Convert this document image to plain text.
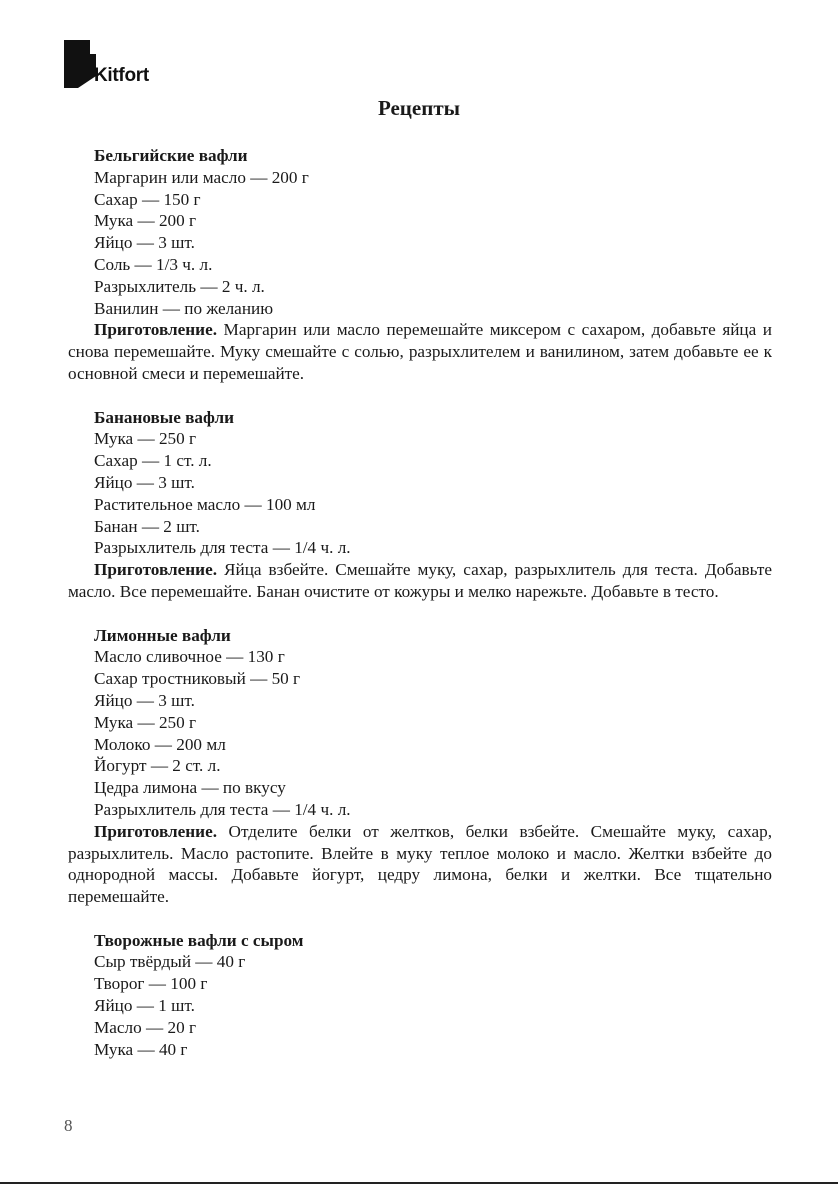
Kitfort
Рецепты
Бельгийские вафли
Маргарин или масло — 200 г
Сахар — 150 г
Мука — 200 г
Яйцо — 3 шт.
Соль — 1/3 ч. л.
Разрыхлитель — 2 ч. л.
Ванилин — по желанию

Приготовление. Маргарин или масло перемешайте миксером с сахаром, добавьте яйца и снова перемешайте. Муку смешайте с солью, разрыхлителем и ванилином, затем добавьте ее к основной смеси и перемешайте.

Банановые вафли
Мука — 250 г
Сахар — 1 ст. л.
Яйцо — 3 шт.
Растительное масло — 100 мл
Банан — 2 шт.
Разрыхлитель для теста — 1/4 ч. л.

Приготовление. Яйца взбейте. Смешайте муку, сахар, разрыхлитель для теста. Добавьте масло. Все перемешайте. Банан очистите от кожуры и мелко нарежьте. Добавьте в тесто.

Лимонные вафли
Масло сливочное — 130 г
Сахар тростниковый — 50 г
Яйцо — 3 шт.
Мука — 250 г
Молоко — 200 мл
Йогурт — 2 ст. л.
Цедра лимона — по вкусу
Разрыхлитель для теста — 1/4 ч. л.

Приготовление. Отделите белки от желтков, белки взбейте. Смешайте муку, сахар, разрыхлитель. Масло растопите. Влейте в муку теплое молоко и масло. Желтки взбейте до однородной массы. Добавьте йогурт, цедру лимона, белки и желтки. Все тщательно перемешайте.

Творожные вафли с сыром
Сыр твёрдый — 40 г
Творог — 100 г
Яйцо — 1 шт.
Масло — 20 г
Мука — 40 г
8
